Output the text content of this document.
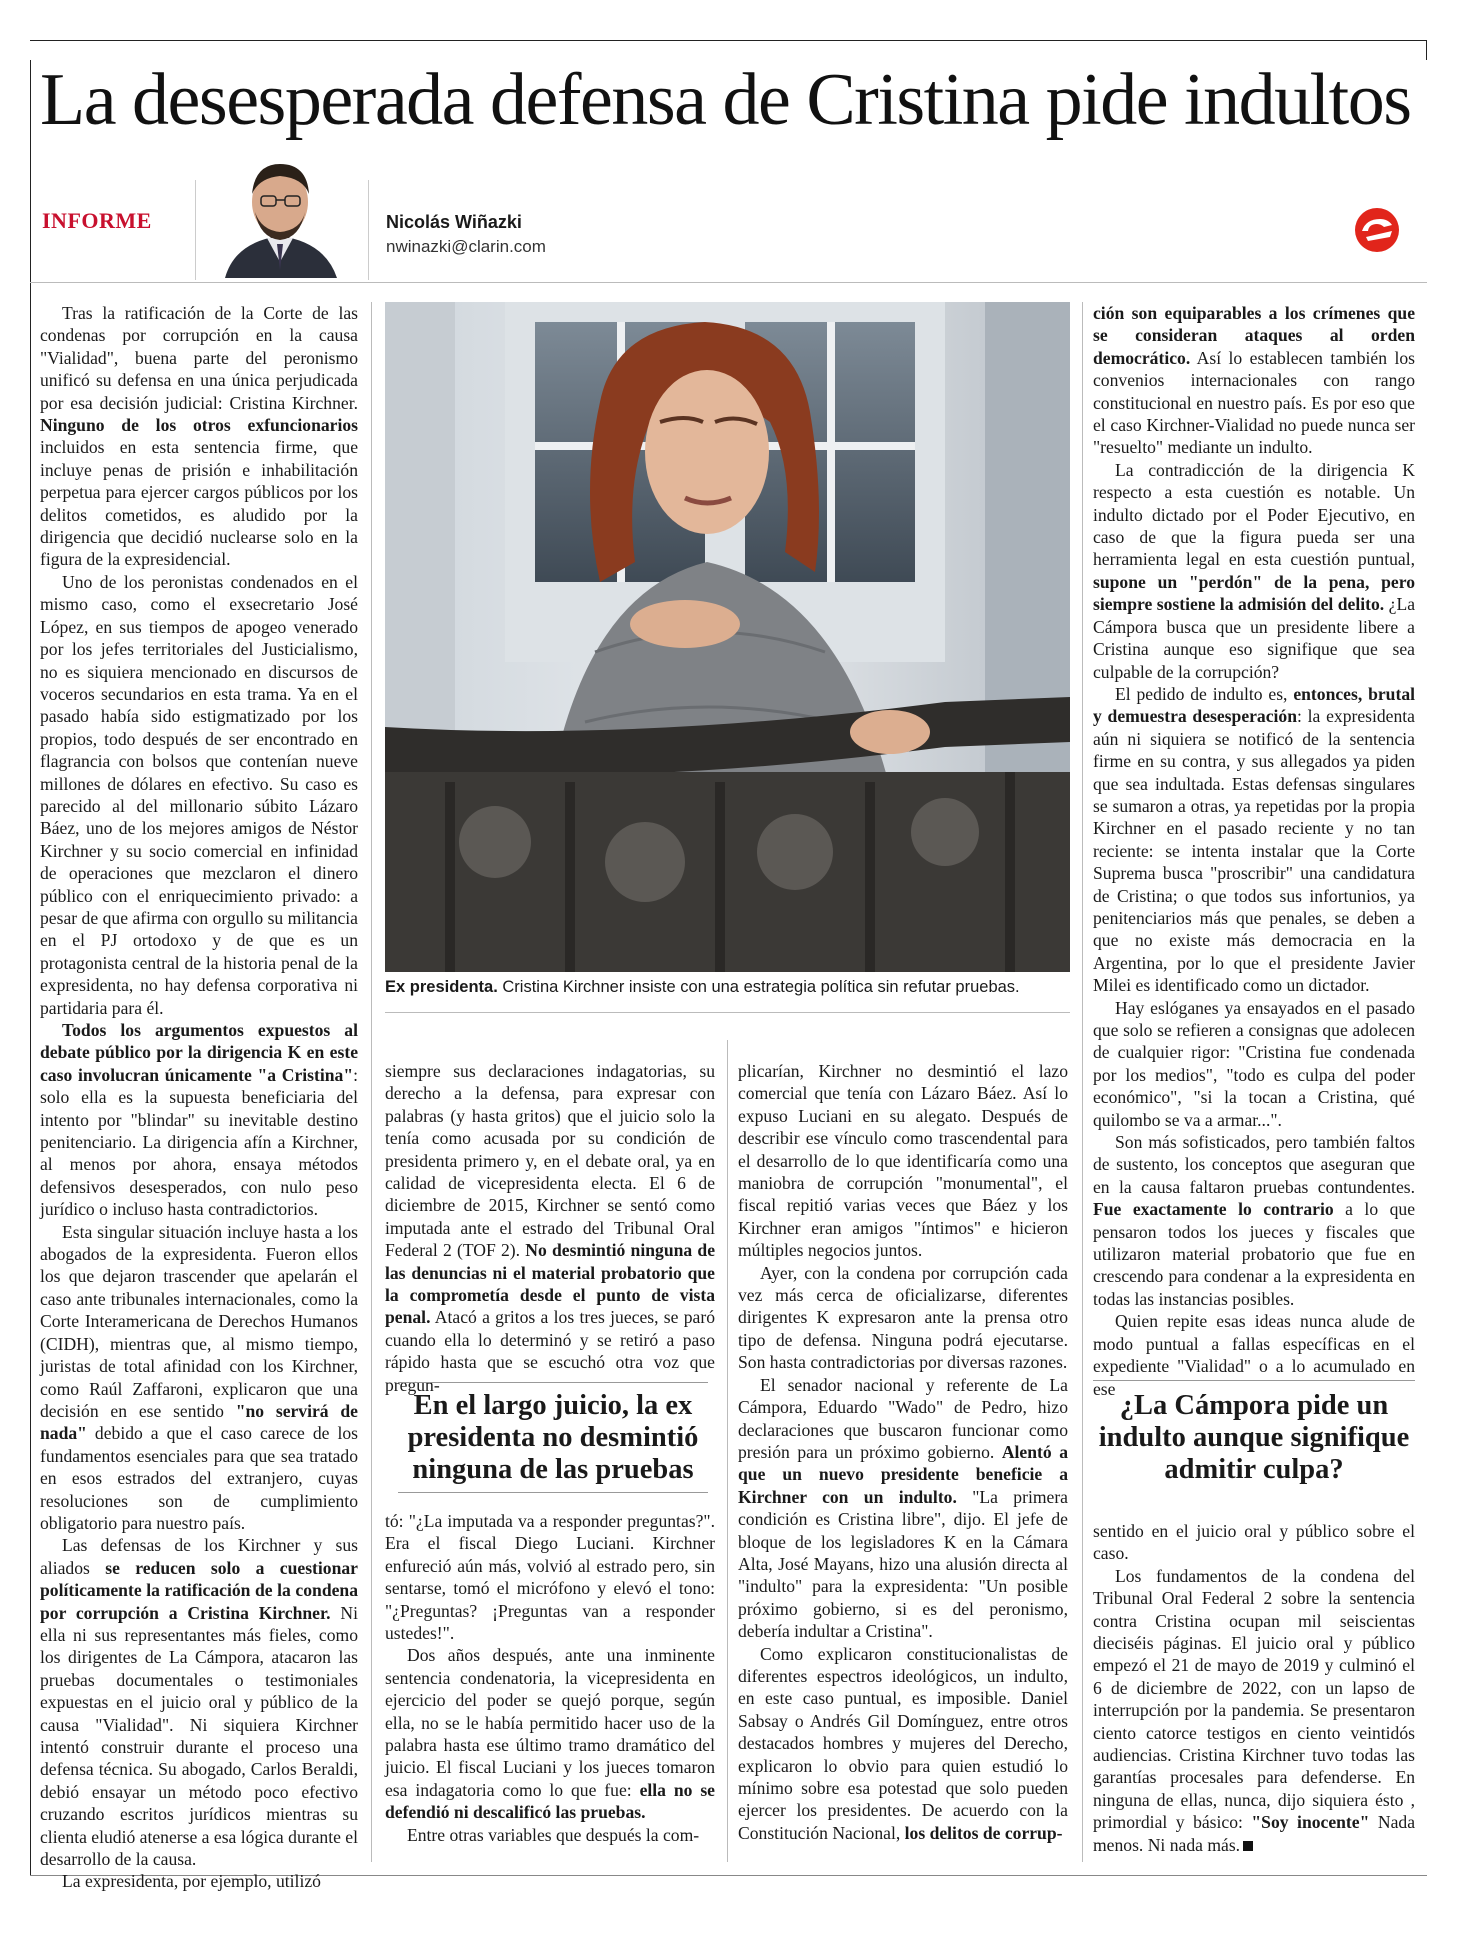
La desesperada defensa de Cristina pide indultos
INFORME	Nicolás Wiñazki
nwinazki@clarin.com

Tras la ratificación de la Corte de las condenas por corrupción en la causa "Vialidad", buena parte del peronismo unificó su defensa en una única perjudicada por esa decisión judicial: Cristina Kirchner. Ninguno de los otros exfuncionarios incluidos en esta sentencia firme, que incluye penas de prisión e inhabilitación perpetua para ejercer cargos públicos por los delitos cometidos, es aludido por la dirigencia que decidió nuclearse solo en la figura de la expresidencial.

Uno de los peronistas condenados en el mismo caso, como el exsecretario José López, en sus tiempos de apogeo venerado por los jefes territoriales del Justicialismo, no es siquiera mencionado en discursos de voceros secundarios en esta trama. Ya en el pasado había sido estigmatizado por los propios, todo después de ser encontrado en flagrancia con bolsos que contenían nueve millones de dólares en efectivo. Su caso es parecido al del millonario súbito Lázaro Báez, uno de los mejores amigos de Néstor Kirchner y su socio comercial en infinidad de operaciones que mezclaron el dinero público con el enriquecimiento privado: a pesar de que afirma con orgullo su militancia en el PJ ortodoxo y de que es un protagonista central de la historia penal de la expresidenta, no hay defensa corporativa ni partidaria para él.

Todos los argumentos expuestos al debate público por la dirigencia K en este caso involucran únicamente "a Cristina": solo ella es la supuesta beneficiaria del intento por "blindar" su inevitable destino penitenciario. La dirigencia afín a Kirchner, al menos por ahora, ensaya métodos defensivos desesperados, con nulo peso jurídico o incluso hasta contradictorios.

Esta singular situación incluye hasta a los abogados de la expresidenta. Fueron ellos los que dejaron trascender que apelarán el caso ante tribunales internacionales, como la Corte Interamericana de Derechos Humanos (CIDH), mientras que, al mismo tiempo, juristas de total afinidad con los Kirchner, como Raúl Zaffaroni, explicaron que una decisión en ese sentido "no servirá de nada" debido a que el caso carece de los fundamentos esenciales para que sea tratado en esos estrados del extranjero, cuyas resoluciones son de cumplimiento obligatorio para nuestro país.

Las defensas de los Kirchner y sus aliados se reducen solo a cuestionar políticamente la ratificación de la condena por corrupción a Cristina Kirchner. Ni ella ni sus representantes más fieles, como los dirigentes de La Cámpora, atacaron las pruebas documentales o testimoniales expuestas en el juicio oral y público de la causa "Vialidad". Ni siquiera Kirchner intentó construir durante el proceso una defensa técnica. Su abogado, Carlos Beraldi, debió ensayar un método poco efectivo cruzando escritos jurídicos mientras su clienta eludió atenerse a esa lógica durante el desarrollo de la causa.

La expresidenta, por ejemplo, utilizó

Ex presidenta. Cristina Kirchner insiste con una estrategia política sin refutar pruebas.

siempre sus declaraciones indagatorias, su derecho a la defensa, para expresar con palabras (y hasta gritos) que el juicio solo la tenía como acusada por su condición de presidenta primero y, en el debate oral, ya en calidad de vicepresidenta electa. El 6 de diciembre de 2015, Kirchner se sentó como imputada ante el estrado del Tribunal Oral Federal 2 (TOF 2). No desmintió ninguna de las denuncias ni el material probatorio que la comprometía desde el punto de vista penal. Atacó a gritos a los tres jueces, se paró cuando ella lo determinó y se retiró a paso rápido hasta que se escuchó otra voz que pregun-

En el largo juicio, la ex presidenta no desmintió ninguna de las pruebas

tó: "¿La imputada va a responder preguntas?". Era el fiscal Diego Luciani. Kirchner enfureció aún más, volvió al estrado pero, sin sentarse, tomó el micrófono y elevó el tono: "¿Preguntas? ¡Preguntas van a responder ustedes!".

Dos años después, ante una inminente sentencia condenatoria, la vicepresidenta en ejercicio del poder se quejó porque, según ella, no se le había permitido hacer uso de la palabra hasta ese último tramo dramático del juicio. El fiscal Luciani y los jueces tomaron esa indagatoria como lo que fue: ella no se defendió ni descalificó las pruebas.

Entre otras variables que después la com-

plicarían, Kirchner no desmintió el lazo comercial que tenía con Lázaro Báez. Así lo expuso Luciani en su alegato. Después de describir ese vínculo como trascendental para el desarrollo de lo que identificaría como una maniobra de corrupción "monumental", el fiscal repitió varias veces que Báez y los Kirchner eran amigos "íntimos" e hicieron múltiples negocios juntos.

Ayer, con la condena por corrupción cada vez más cerca de oficializarse, diferentes dirigentes K expresaron ante la prensa otro tipo de defensa. Ninguna podrá ejecutarse. Son hasta contradictorias por diversas razones.

El senador nacional y referente de La Cámpora, Eduardo "Wado" de Pedro, hizo declaraciones que buscaron funcionar como presión para un próximo gobierno. Alentó a que un nuevo presidente beneficie a Kirchner con un indulto. "La primera condición es Cristina libre", dijo. El jefe de bloque de los legisladores K en la Cámara Alta, José Mayans, hizo una alusión directa al "indulto" para la expresidenta: "Un posible próximo gobierno, si es del peronismo, debería indultar a Cristina".

Como explicaron constitucionalistas de diferentes espectros ideológicos, un indulto, en este caso puntual, es imposible. Daniel Sabsay o Andrés Gil Domínguez, entre otros destacados hombres y mujeres del Derecho, explicaron lo obvio para quien estudió lo mínimo sobre esa potestad que solo pueden ejercer los presidentes. De acuerdo con la Constitución Nacional, los delitos de corrup-

ción son equiparables a los crímenes que se consideran ataques al orden democrático. Así lo establecen también los convenios internacionales con rango constitucional en nuestro país. Es por eso que el caso Kirchner-Vialidad no puede nunca ser "resuelto" mediante un indulto.

La contradicción de la dirigencia K respecto a esta cuestión es notable. Un indulto dictado por el Poder Ejecutivo, en caso de que la figura pueda ser una herramienta legal en esta cuestión puntual, supone un "perdón" de la pena, pero siempre sostiene la admisión del delito. ¿La Cámpora busca que un presidente libere a Cristina aunque eso signifique que sea culpable de la corrupción?

El pedido de indulto es, entonces, brutal y demuestra desesperación: la expresidenta aún ni siquiera se notificó de la sentencia firme en su contra, y sus allegados ya piden que sea indultada. Estas defensas singulares se sumaron a otras, ya repetidas por la propia Kirchner en el pasado reciente y no tan reciente: se intenta instalar que la Corte Suprema busca "proscribir" una candidatura de Cristina; o que todos sus infortunios, ya penitenciarios más que penales, se deben a que no existe más democracia en la Argentina, por lo que el presidente Javier Milei es identificado como un dictador.

Hay eslóganes ya ensayados en el pasado que solo se refieren a consignas que adolecen de cualquier rigor: "Cristina fue condenada por los medios", "todo es culpa del poder económico", "si la tocan a Cristina, qué quilombo se va a armar...".

Son más sofisticados, pero también faltos de sustento, los conceptos que aseguran que en la causa faltaron pruebas contundentes. Fue exactamente lo contrario a lo que pensaron todos los jueces y fiscales que utilizaron material probatorio que fue en crescendo para condenar a la expresidenta en todas las instancias posibles.

Quien repite esas ideas nunca alude de modo puntual a fallas específicas en el expediente "Vialidad" o a lo acumulado en ese

¿La Cámpora pide un indulto aunque signifique admitir culpa?

sentido en el juicio oral y público sobre el caso.

Los fundamentos de la condena del Tribunal Oral Federal 2 sobre la sentencia contra Cristina ocupan mil seiscientas dieciséis páginas. El juicio oral y público empezó el 21 de mayo de 2019 y culminó el 6 de diciembre de 2022, con un lapso de interrupción por la pandemia. Se presentaron ciento catorce testigos en ciento veintidós audiencias. Cristina Kirchner tuvo todas las garantías procesales para defenderse. En ninguna de ellas, nunca, dijo siquiera ésto , primordial y básico: "Soy inocente" Nada menos. Ni nada más.
